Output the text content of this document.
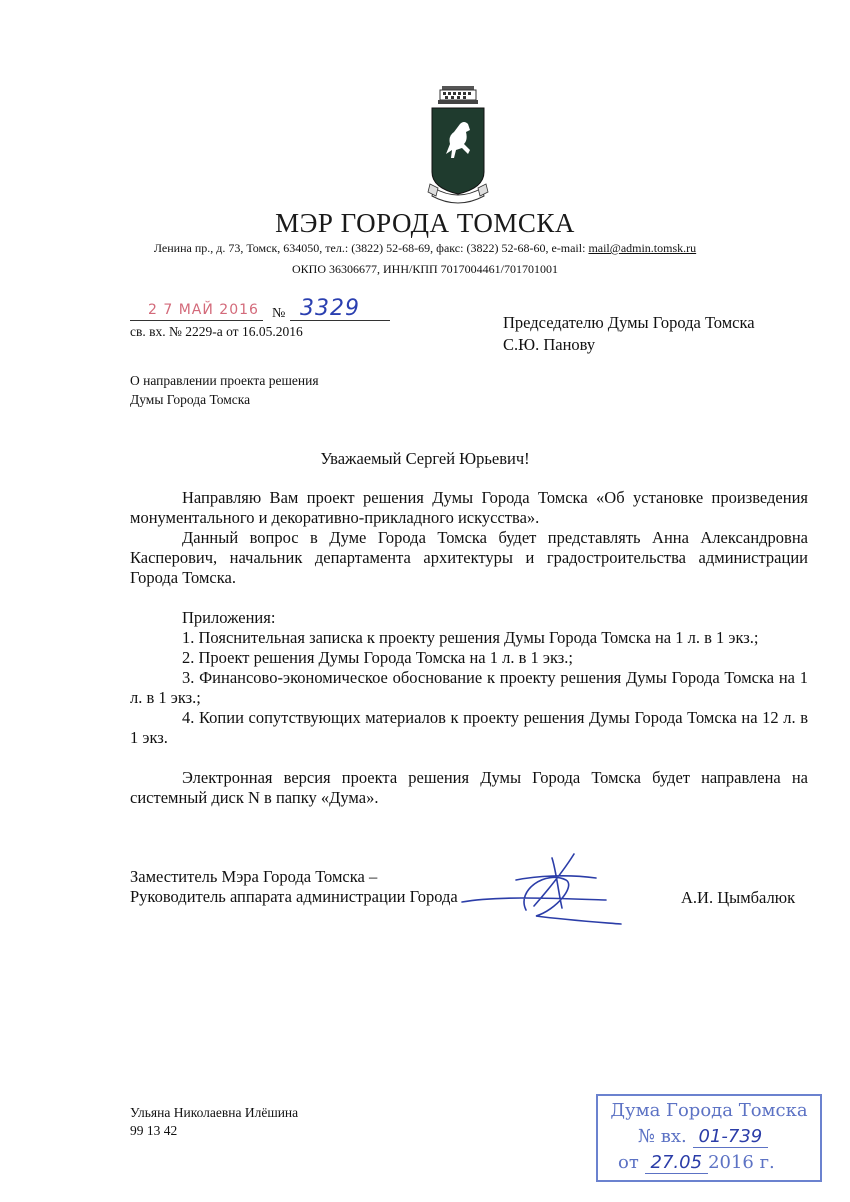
МЭР ГОРОДА ТОМСКА
Ленина пр., д. 73, Томск, 634050, тел.: (3822) 52-68-69, факс: (3822) 52-68-60, e-mail: mail@admin.tomsk.ru
ОКПО 36306677, ИНН/КПП 7017004461/701701001
2 7 МАЙ 2016 № 3329
св. вх. № 2229-а от 16.05.2016	Председателю Думы Города Томска
С.Ю. Панову
О направлении проекта решения
Думы Города Томска
Уважаемый Сергей Юрьевич!

Направляю Вам проект решения Думы Города Томска «Об установке произведения монументального и декоративно-прикладного искусства».

Данный вопрос в Думе Города Томска будет представлять Анна Александровна Касперович, начальник департамента архитектуры и градостроительства администрации Города Томска.

Приложения:

1. Пояснительная записка к проекту решения Думы Города Томска на 1 л. в 1 экз.;

2. Проект решения Думы Города Томска на 1 л. в 1 экз.;

3. Финансово-экономическое обоснование к проекту решения Думы Города Томска на 1 л. в 1 экз.;

4. Копии сопутствующих материалов к проекту решения Думы Города Томска на 12 л. в 1 экз.

Электронная версия проекта решения Думы Города Томска будет направлена на системный диск N в папку «Дума».

Заместитель Мэра Города Томска –
Руководитель аппарата администрации Города	А.И. Цымбалюк
Ульяна Николаевна Илёшина
99 13 42
Дума Города Томска
№ вх. 01-739
от 27.05 2016 г.
